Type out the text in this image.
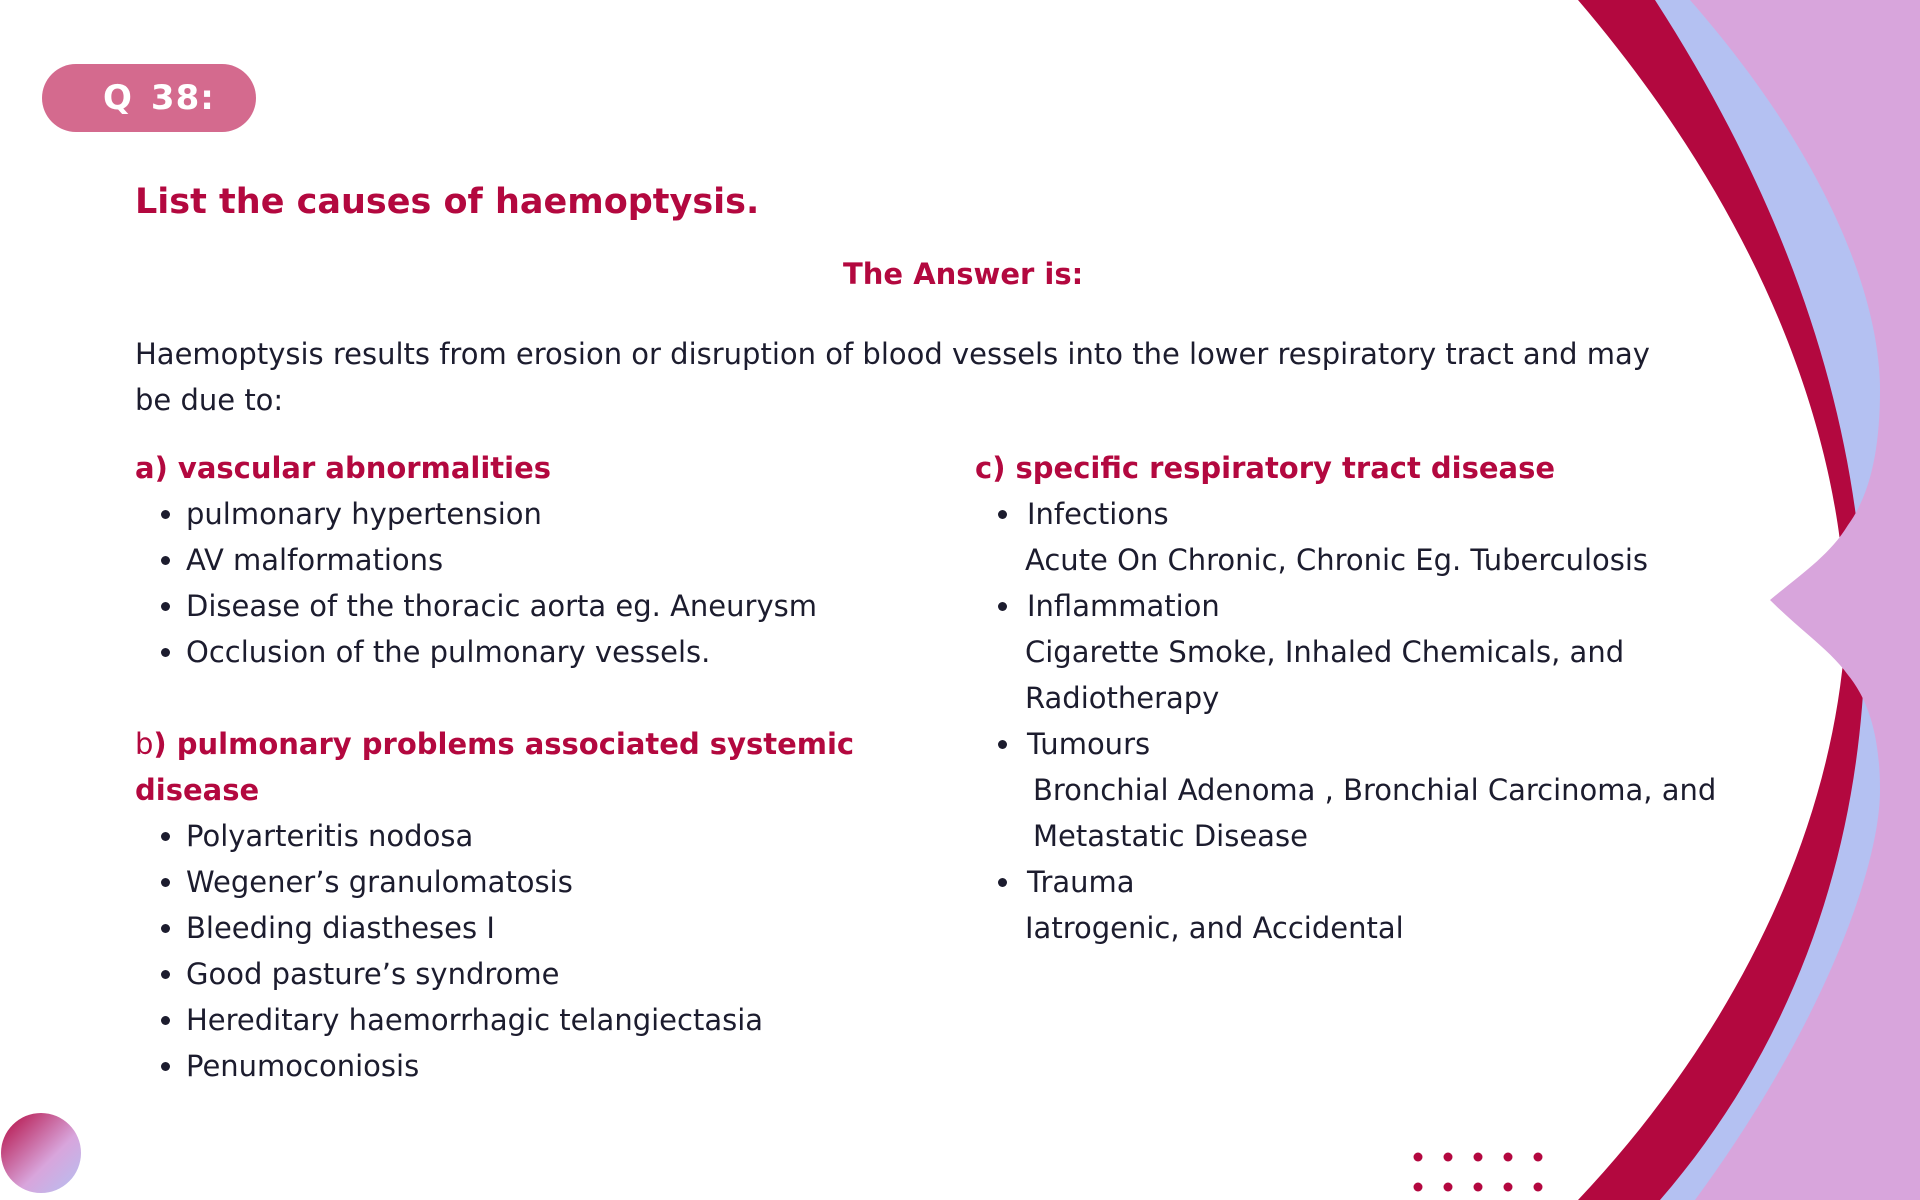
Q 38:
List the causes of haemoptysis.
The Answer is:
Haemoptysis results from erosion or disruption of blood vessels into the lower respiratory tract and may be due to:
a) vascular abnormalities
pulmonary hypertension
AV malformations
Disease of the thoracic aorta eg. Aneurysm
Occlusion of the pulmonary vessels.
b) pulmonary problems associated systemic disease
Polyarteritis nodosa
Wegener’s granulomatosis
Bleeding diastheses I
Good pasture’s syndrome
Hereditary haemorrhagic telangiectasia
Penumoconiosis
c) specific respiratory tract disease
Infections
Acute On Chronic, Chronic Eg. Tuberculosis
Inflammation
Cigarette Smoke, Inhaled Chemicals, and
Radiotherapy
Tumours
Bronchial Adenoma , Bronchial Carcinoma, and
Metastatic Disease
Trauma
Iatrogenic, and Accidental
